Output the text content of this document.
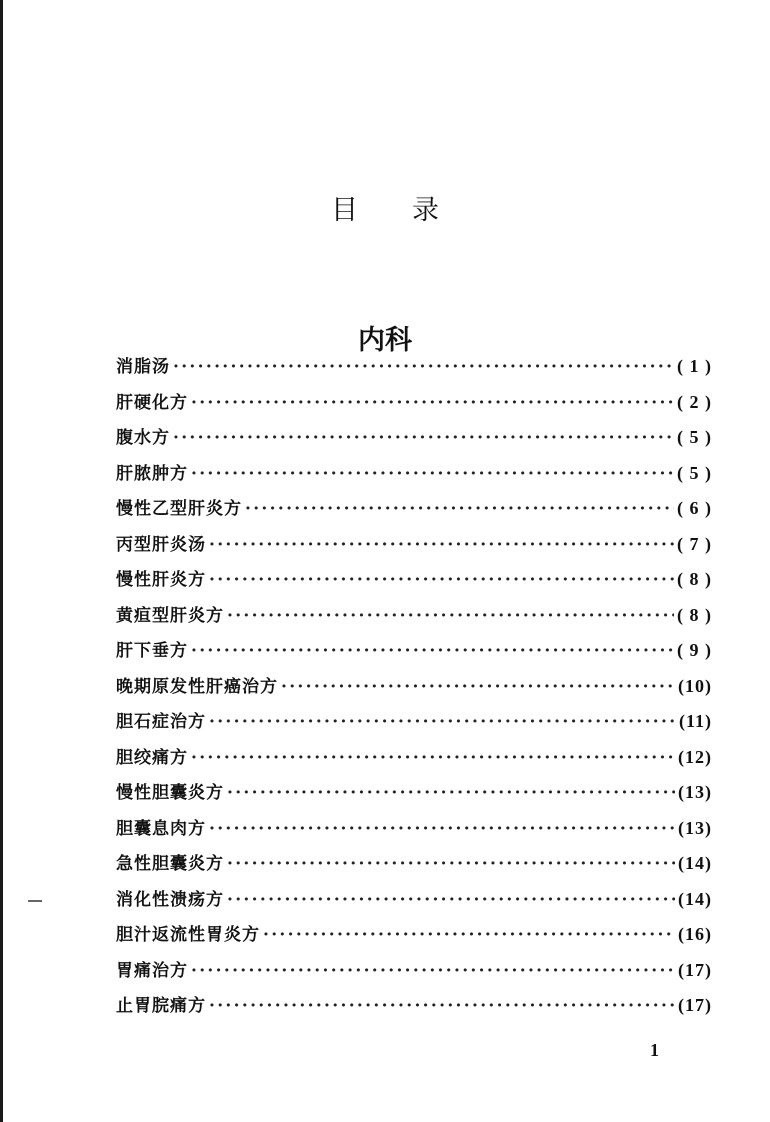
目录
内科
消脂汤 ·····	( 1 )
肝硬化方 ·····	( 2 )
腹水方 ·····	( 5 )
肝脓肿方 ·····	( 5 )
慢性乙型肝炎方 ·····	( 6 )
丙型肝炎汤 ·····	( 7 )
慢性肝炎方 ·····	( 8 )
黄疸型肝炎方 ·····	( 8 )
肝下垂方 ·····	( 9 )
晚期原发性肝癌治方 ·····	(10)
胆石症治方 ·····	(11)
胆绞痛方 ·····	(12)
慢性胆囊炎方 ·····	(13)
胆囊息肉方 ·····	(13)
急性胆囊炎方 ·····	(14)
消化性溃疡方 ·····	(14)
胆汁返流性胃炎方 ·····	(16)
胃痛治方 ·····	(17)
止胃脘痛方 ·····	(17)
1
